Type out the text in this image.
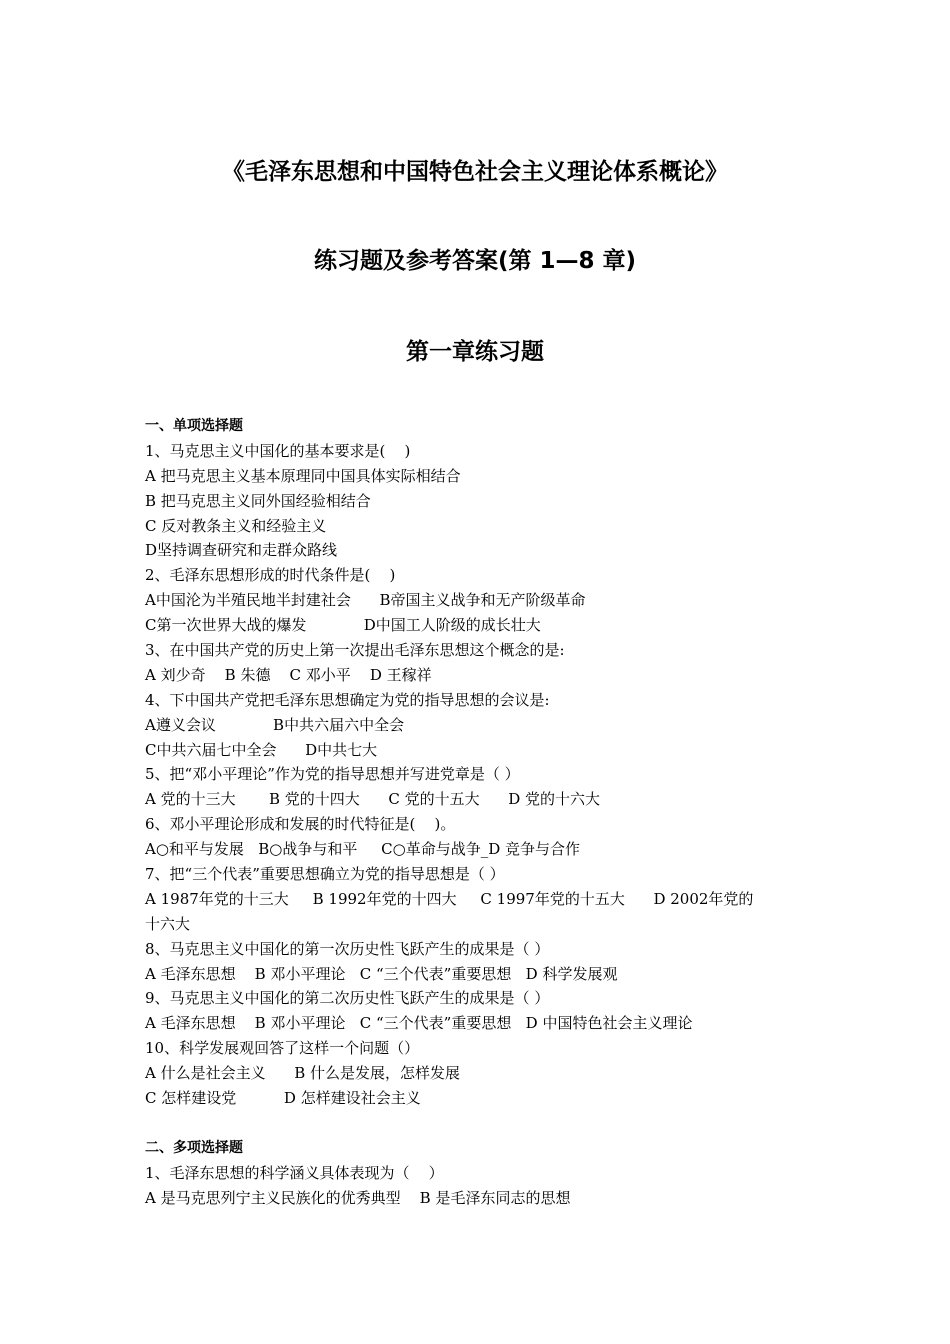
《毛泽东思想和中国特色社会主义理论体系概论》
练习题及参考答案(第 1—8 章)
第一章练习题
一、单项选择题
1、马克思主义中国化的基本要求是(    )
A 把马克思主义基本原理同中国具体实际相结合
B 把马克思主义同外国经验相结合
C 反对教条主义和经验主义
D坚持调查研究和走群众路线
2、毛泽东思想形成的时代条件是(    )
A中国沦为半殖民地半封建社会      B帝国主义战争和无产阶级革命
C第一次世界大战的爆发            D中国工人阶级的成长壮大
3、在中国共产党的历史上第一次提出毛泽东思想这个概念的是:
A 刘少奇    B 朱德    C 邓小平    D 王稼祥
4、下中国共产党把毛泽东思想确定为党的指导思想的会议是:
A遵义会议            B中共六届六中全会
C中共六届七中全会      D中共七大
5、把“邓小平理论”作为党的指导思想并写进党章是（ ）
A 党的十三大       B 党的十四大      C 党的十五大      D 党的十六大
6、邓小平理论形成和发展的时代特征是(    )。
A○和平与发展   B○战争与和平     C○革命与战争_D 竞争与合作
7、把“三个代表”重要思想确立为党的指导思想是（ ）
A 1987年党的十三大     B 1992年党的十四大     C 1997年党的十五大      D 2002年党的
十六大
8、马克思主义中国化的第一次历史性飞跃产生的成果是（ ）
A 毛泽东思想    B 邓小平理论   C “三个代表”重要思想   D 科学发展观
9、马克思主义中国化的第二次历史性飞跃产生的成果是（ ）
A 毛泽东思想    B 邓小平理论   C “三个代表”重要思想   D 中国特色社会主义理论
10、科学发展观回答了这样一个问题（）
A 什么是社会主义      B 什么是发展，怎样发展
C 怎样建设党          D 怎样建设社会主义
二、多项选择题
1、毛泽东思想的科学涵义具体表现为（    ）
A 是马克思列宁主义民族化的优秀典型    B 是毛泽东同志的思想
